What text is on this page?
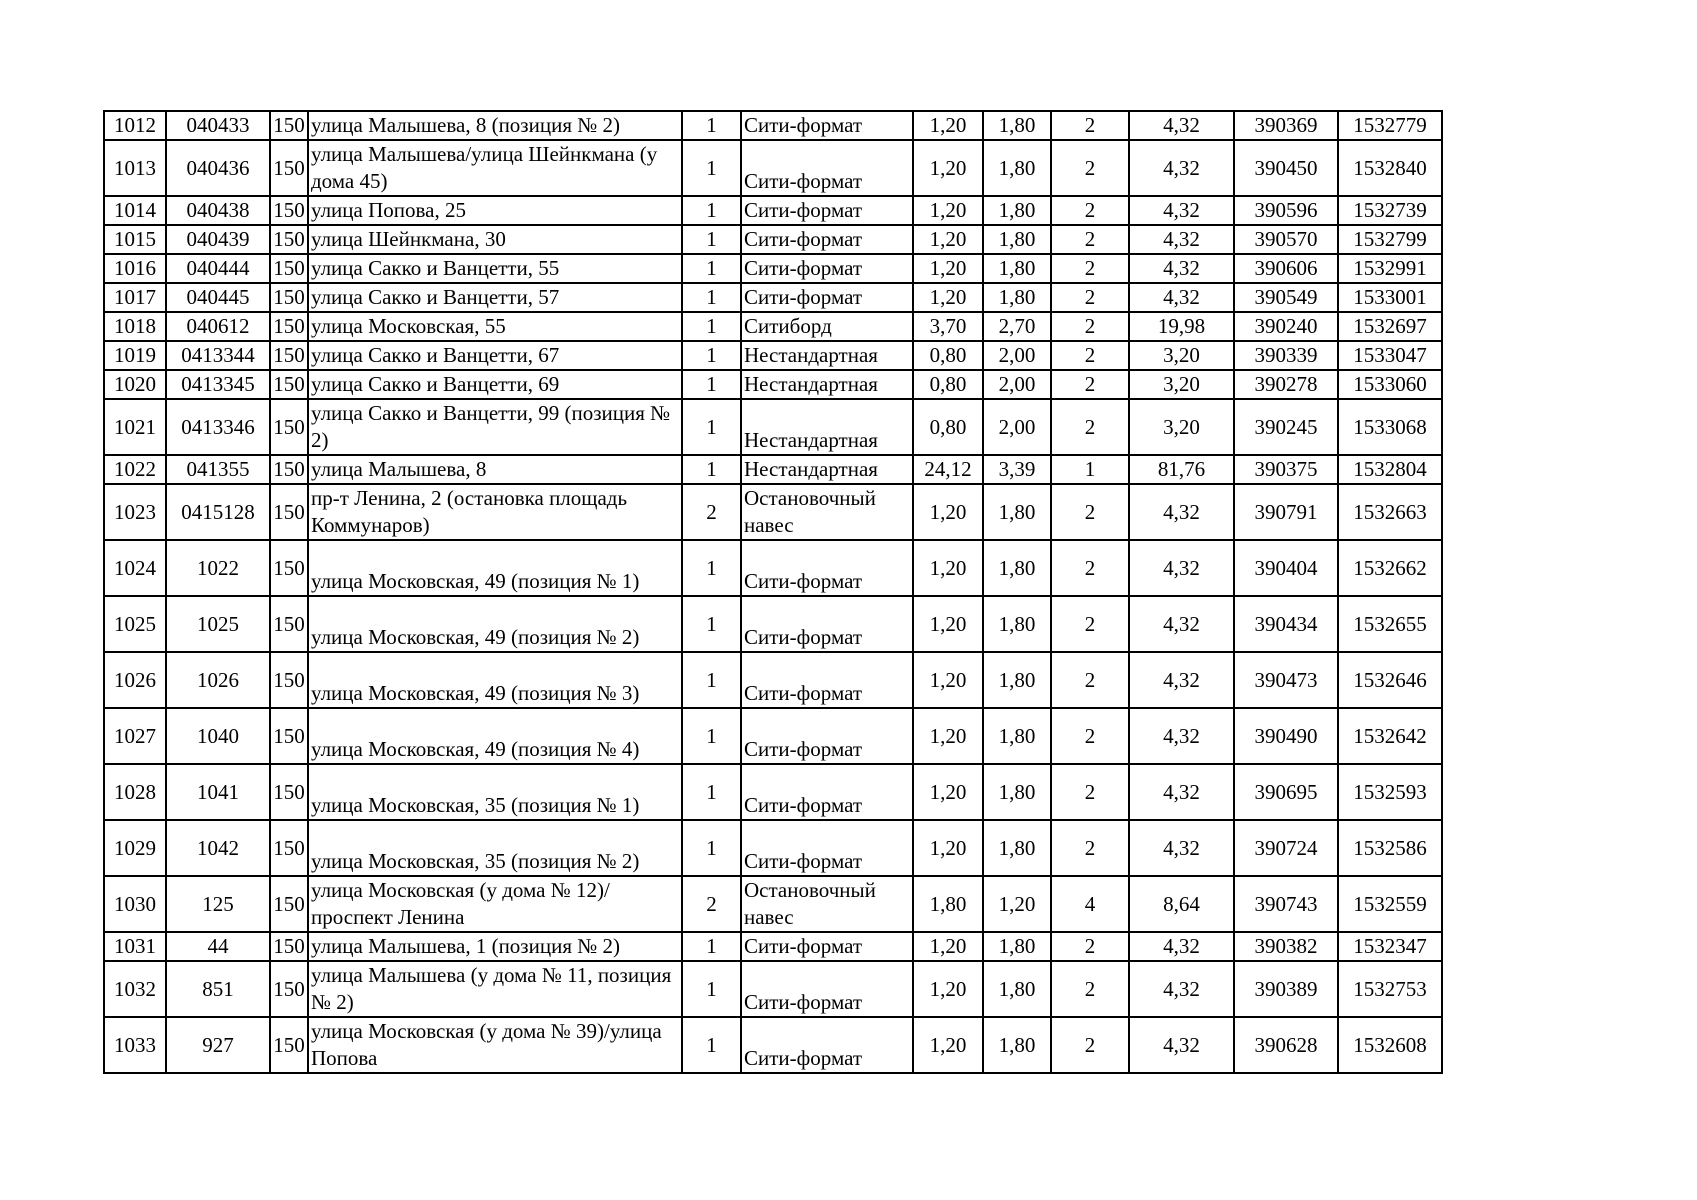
1012	040433	150	улица Малышева, 8 (позиция № 2)	1	Сити-формат	1,20	1,80	2	4,32	390369	1532779
1013	040436	150	улица Малышева/улица Шейнкмана (у дома 45)	1	Сити-формат	1,20	1,80	2	4,32	390450	1532840
1014	040438	150	улица Попова, 25	1	Сити-формат	1,20	1,80	2	4,32	390596	1532739
1015	040439	150	улица Шейнкмана, 30	1	Сити-формат	1,20	1,80	2	4,32	390570	1532799
1016	040444	150	улица Сакко и Ванцетти, 55	1	Сити-формат	1,20	1,80	2	4,32	390606	1532991
1017	040445	150	улица Сакко и Ванцетти, 57	1	Сити-формат	1,20	1,80	2	4,32	390549	1533001
1018	040612	150	улица Московская, 55	1	Ситиборд	3,70	2,70	2	19,98	390240	1532697
1019	0413344	150	улица Сакко и Ванцетти, 67	1	Нестандартная	0,80	2,00	2	3,20	390339	1533047
1020	0413345	150	улица Сакко и Ванцетти, 69	1	Нестандартная	0,80	2,00	2	3,20	390278	1533060
1021	0413346	150	улица Сакко и Ванцетти, 99 (позиция № 2)	1	Нестандартная	0,80	2,00	2	3,20	390245	1533068
1022	041355	150	улица Малышева, 8	1	Нестандартная	24,12	3,39	1	81,76	390375	1532804
1023	0415128	150	пр-т Ленина, 2 (остановка площадь Коммунаров)	2	Остановочный навес	1,20	1,80	2	4,32	390791	1532663
1024	1022	150	улица Московская, 49 (позиция № 1)	1	Сити-формат	1,20	1,80	2	4,32	390404	1532662
1025	1025	150	улица Московская, 49 (позиция № 2)	1	Сити-формат	1,20	1,80	2	4,32	390434	1532655
1026	1026	150	улица Московская, 49 (позиция № 3)	1	Сити-формат	1,20	1,80	2	4,32	390473	1532646
1027	1040	150	улица Московская, 49 (позиция № 4)	1	Сити-формат	1,20	1,80	2	4,32	390490	1532642
1028	1041	150	улица Московская, 35 (позиция № 1)	1	Сити-формат	1,20	1,80	2	4,32	390695	1532593
1029	1042	150	улица Московская, 35 (позиция № 2)	1	Сити-формат	1,20	1,80	2	4,32	390724	1532586
1030	125	150	улица Московская (у дома № 12)/проспект Ленина	2	Остановочный навес	1,80	1,20	4	8,64	390743	1532559
1031	44	150	улица Малышева, 1 (позиция № 2)	1	Сити-формат	1,20	1,80	2	4,32	390382	1532347
1032	851	150	улица Малышева (у дома № 11, позиция № 2)	1	Сити-формат	1,20	1,80	2	4,32	390389	1532753
1033	927	150	улица Московская (у дома № 39)/улица Попова	1	Сити-формат	1,20	1,80	2	4,32	390628	1532608
